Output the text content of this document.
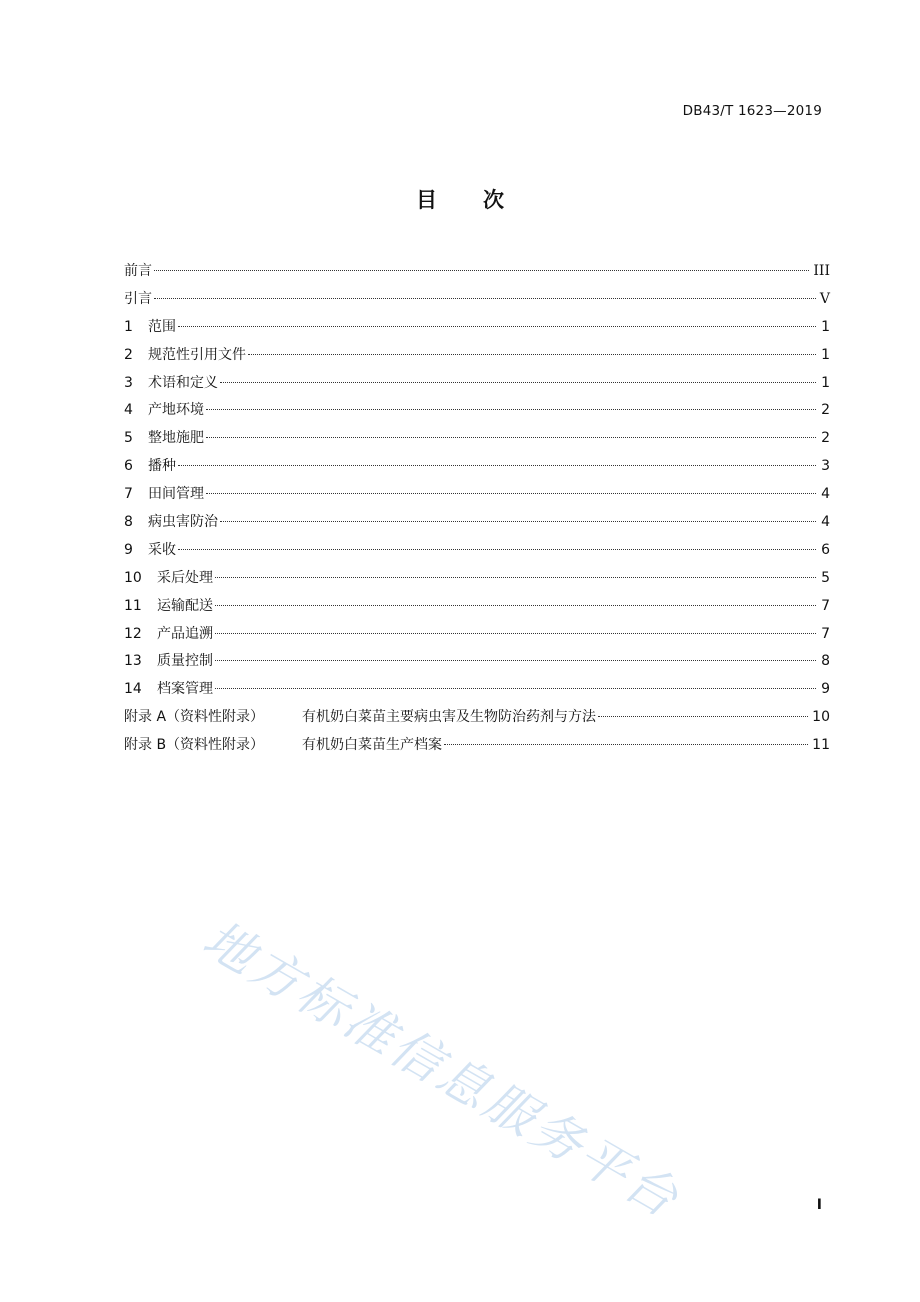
DB43/T 1623—2019
目 次
前言	III
引言	V
1	范围	1
2	规范性引用文件	1
3	术语和定义	1
4	产地环境	2
5	整地施肥	2
6	播种	3
7	田间管理	4
8	病虫害防治	4
9	采收	6
10	采后处理	5
11	运输配送	7
12	产品追溯	7
13	质量控制	8
14	档案管理	9
附录 A（资料性附录）	有机奶白菜苗主要病虫害及生物防治药剂与方法	10
附录 B（资料性附录）	有机奶白菜苗生产档案	11
地方标准信息服务平台	I
